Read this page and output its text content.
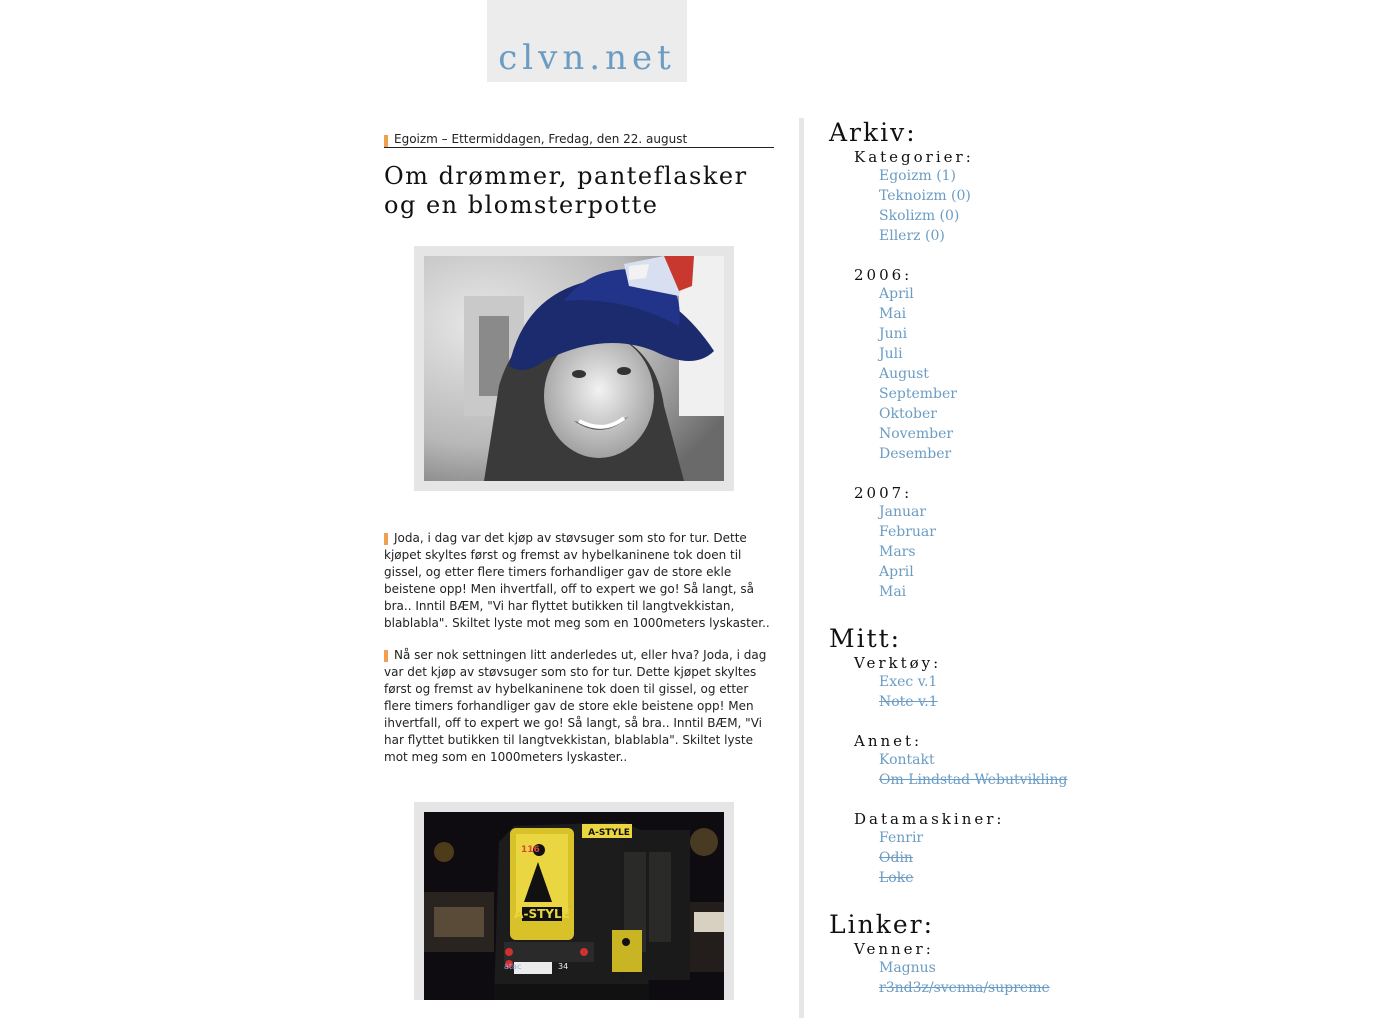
clvn.net
Egoizm – Ettermiddagen, Fredag, den 22. august
Om drømmer, panteflasker
og en blomsterpotte

Joda, i dag var det kjøp av støvsuger som sto for tur. Dette kjøpet skyltes først og fremst av hybelkaninene tok doen til gissel, og etter flere timers forhandliger gav de store ekle beistene opp! Men ihvertfall, off to expert we go! Så langt, så bra.. Inntil BÆM, "Vi har flyttet butikken til langtvekkistan, blablabla". Skiltet lyste mot meg som en 1000meters lyskaster..

Nå ser nok settningen litt anderledes ut, eller hva? Joda, i dag var det kjøp av støvsuger som sto for tur. Dette kjøpet skyltes først og fremst av hybelkaninene tok doen til gissel, og etter flere timers forhandliger gav de store ekle beistene opp! Men ihvertfall, off to expert we go! Så langt, så bra.. Inntil BÆM, "Vi har flyttet butikken til langtvekkistan, blablabla". Skiltet lyste mot meg som en 1000meters lyskaster..

A-STYLE
116
A-STYLE
atac	34
Arkiv:
Kategorier:
Egoizm (1)
Teknoizm (0)
Skolizm (0)
Ellerz (0)
2006:
April
Mai
Juni
Juli
August
September
Oktober
November
Desember
2007:
Januar
Februar
Mars
April
Mai
Mitt:
Verktøy:
Exec v.1
Note v.1
Annet:
Kontakt
Om Lindstad Webutvikling
Datamaskiner:
Fenrir
Odin
Loke
Linker:
Venner:
Magnus
r3nd3z/svenna/supreme
